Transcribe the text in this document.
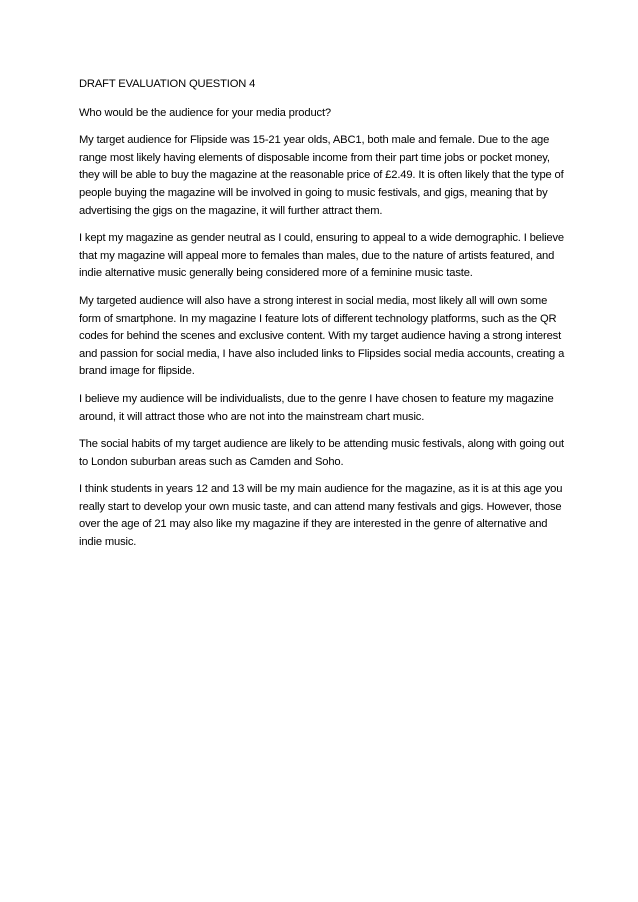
DRAFT EVALUATION QUESTION 4

Who would be the audience for your media product?

My target audience for Flipside was 15-21 year olds, ABC1, both male and female. Due to the age range most likely having elements of disposable income from their part time jobs or pocket money, they will be able to buy the magazine at the reasonable price of £2.49. It is often likely that the type of people buying the magazine will be involved in going to music festivals, and gigs, meaning that by advertising the gigs on the magazine, it will further attract them.

I kept my magazine as gender neutral as I could, ensuring to appeal to a wide demographic. I believe that my magazine will appeal more to females than males, due to the nature of artists featured, and indie alternative music generally being considered more of a feminine music taste.

My targeted audience will also have a strong interest in social media, most likely all will own some form of smartphone. In my magazine I feature lots of different technology platforms, such as the QR codes for behind the scenes and exclusive content. With my target audience having a strong interest and passion for social media, I have also included links to Flipsides social media accounts, creating a brand image for flipside.

I believe my audience will be individualists, due to the genre I have chosen to feature my magazine around, it will attract those who are not into the mainstream chart music.

The social habits of my target audience are likely to be attending music festivals, along with going out to London suburban areas such as Camden and Soho.

I think students in years 12 and 13 will be my main audience for the magazine, as it is at this age you really start to develop your own music taste, and can attend many festivals and gigs. However, those over the age of 21 may also like my magazine if they are interested in the genre of alternative and indie music.
